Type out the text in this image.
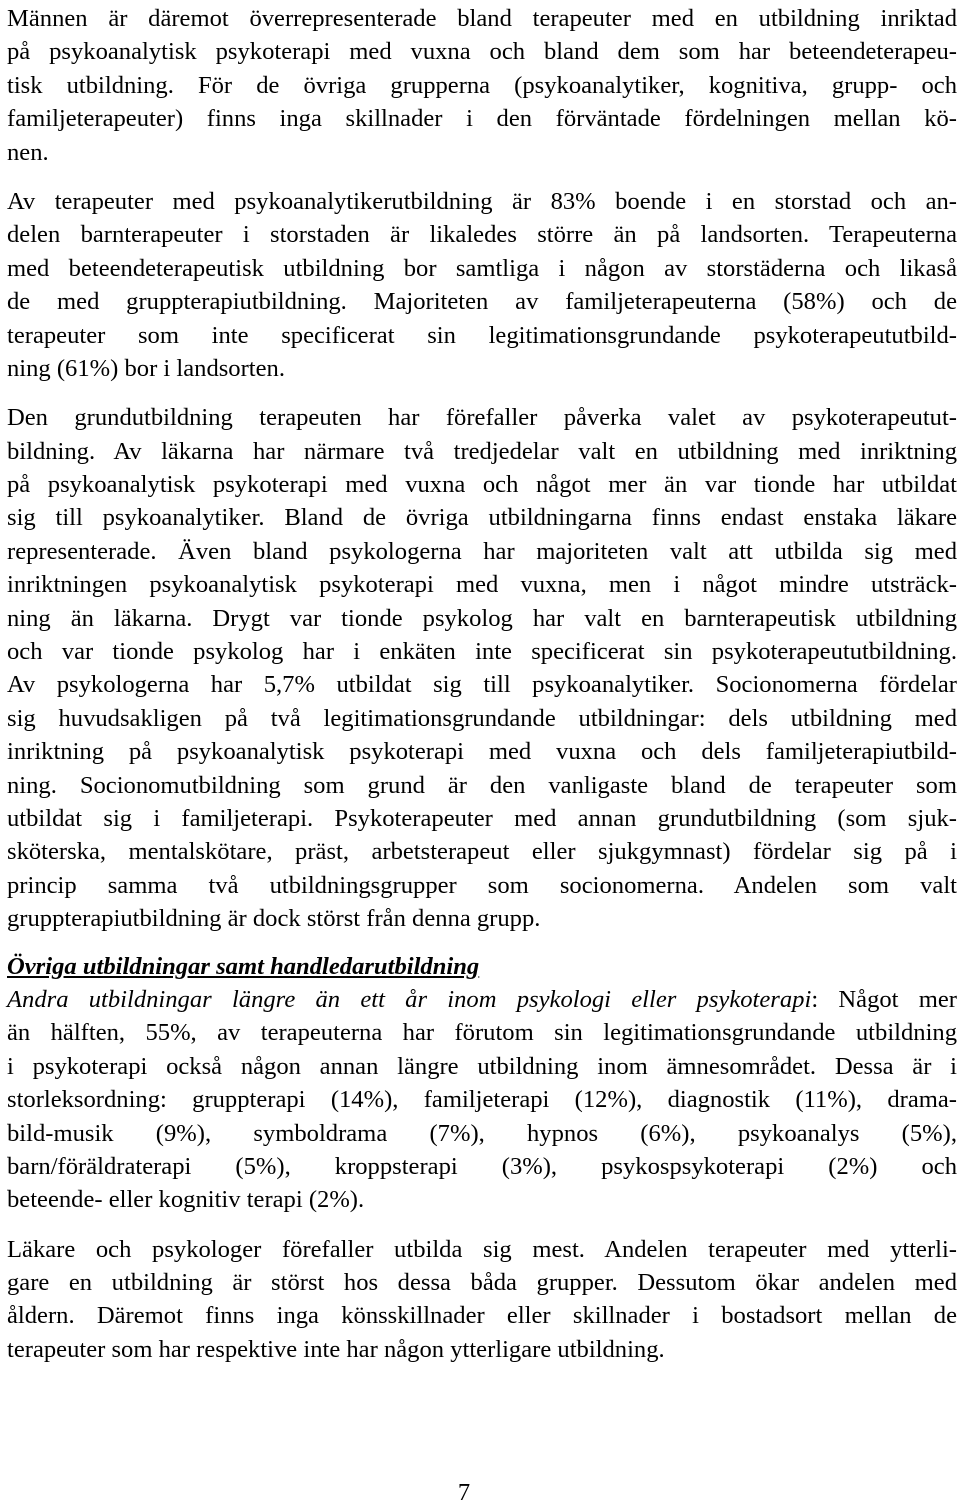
Männen är däremot överrepresenterade bland terapeuter med en utbildning inriktad
på psykoanalytisk psykoterapi med vuxna och bland dem som har beteendeterapeu-
tisk utbildning. För de övriga grupperna (psykoanalytiker, kognitiva, grupp- och
familjeterapeuter) finns inga skillnader i den förväntade fördelningen mellan kö-
nen.
Av terapeuter med psykoanalytikerutbildning är 83% boende i en storstad och an-
delen barnterapeuter i storstaden är likaledes större än på landsorten. Terapeuterna
med beteendeterapeutisk utbildning bor samtliga i någon av storstäderna och likaså
de med gruppterapiutbildning. Majoriteten av familjeterapeuterna (58%) och de
terapeuter som inte specificerat sin legitimationsgrundande psykoterapeututbild-
ning (61%) bor i landsorten.
Den grundutbildning terapeuten har förefaller påverka valet av psykoterapeutut-
bildning. Av läkarna har närmare två tredjedelar valt en utbildning med inriktning
på psykoanalytisk psykoterapi med vuxna och något mer än var tionde har utbildat
sig till psykoanalytiker. Bland de övriga utbildningarna finns endast enstaka läkare
representerade. Även bland psykologerna har majoriteten valt att utbilda sig med
inriktningen psykoanalytisk psykoterapi med vuxna, men i något mindre utsträck-
ning än läkarna. Drygt var tionde psykolog har valt en barnterapeutisk utbildning
och var tionde psykolog har i enkäten inte specificerat sin psykoterapeututbildning.
Av psykologerna har 5,7% utbildat sig till psykoanalytiker. Socionomerna fördelar
sig huvudsakligen på två legitimationsgrundande utbildningar: dels utbildning med
inriktning på psykoanalytisk psykoterapi med vuxna och dels familjeterapiutbild-
ning. Socionomutbildning som grund är den vanligaste bland de terapeuter som
utbildat sig i familjeterapi. Psykoterapeuter med annan grundutbildning (som sjuk-
sköterska, mentalskötare, präst, arbetsterapeut eller sjukgymnast) fördelar sig på i
princip samma två utbildningsgrupper som socionomerna. Andelen som valt
gruppterapiutbildning är dock störst från denna grupp.
Övriga utbildningar samt handledarutbildning
Andra utbildningar längre än ett år inom psykologi eller psykoterapi: Något mer
än hälften, 55%, av terapeuterna har förutom sin legitimationsgrundande utbildning
i psykoterapi också någon annan längre utbildning inom ämnesområdet. Dessa är i
storleksordning: gruppterapi (14%), familjeterapi (12%), diagnostik (11%), drama-
bild-musik (9%), symboldrama (7%), hypnos (6%), psykoanalys (5%),
barn/föräldraterapi (5%), kroppsterapi (3%), psykospsykoterapi (2%) och
beteende- eller kognitiv terapi (2%).
Läkare och psykologer förefaller utbilda sig mest. Andelen terapeuter med ytterli-
gare en utbildning är störst hos dessa båda grupper. Dessutom ökar andelen med
åldern. Däremot finns inga könsskillnader eller skillnader i bostadsort mellan de
terapeuter som har respektive inte har någon ytterligare utbildning.
7
